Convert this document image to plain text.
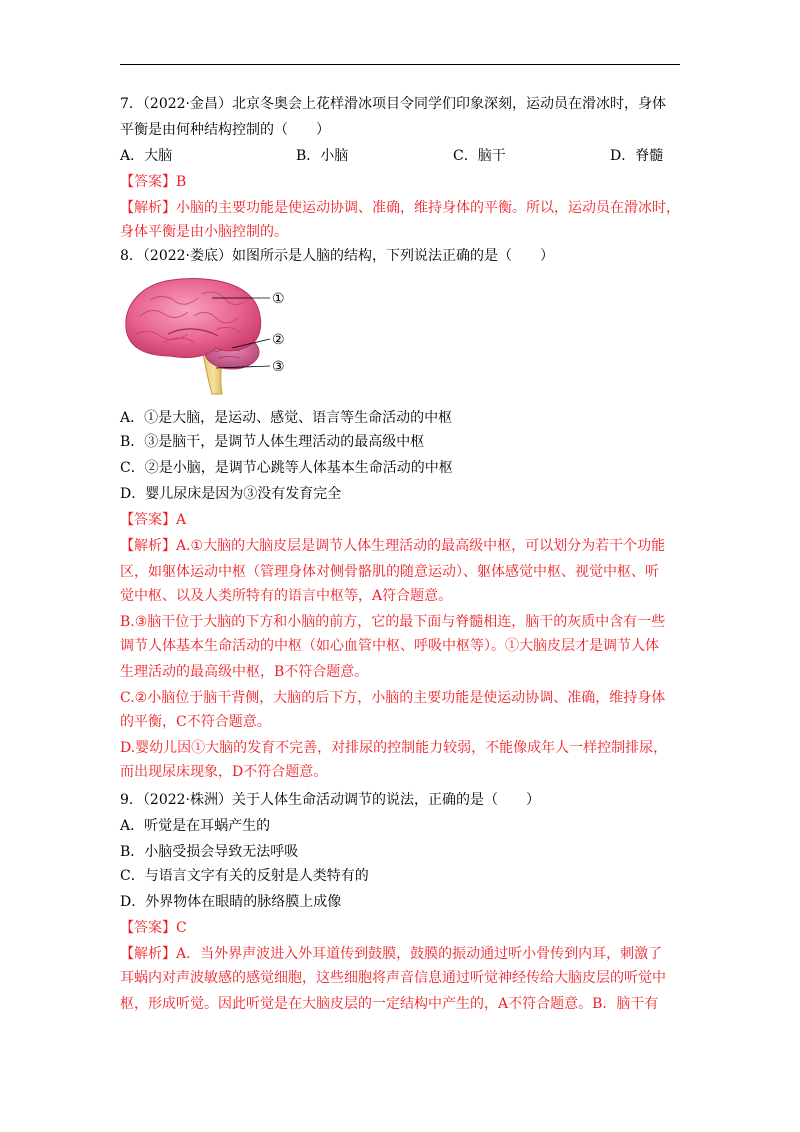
7．（2022·金昌）北京冬奥会上花样滑冰项目令同学们印象深刻，运动员在滑冰时，身体
平衡是由何种结构控制的（　　）
A．大脑	B．小脑	C．脑干	D．脊髓
【答案】B
【解析】小脑的主要功能是使运动协调、准确，维持身体的平衡。所以，运动员在滑冰时，
身体平衡是由小脑控制的。
8．（2022·娄底）如图所示是人脑的结构，下列说法正确的是（　　）
①
②
③
A．①是大脑，是运动、感觉、语言等生命活动的中枢
B．③是脑干，是调节人体生理活动的最高级中枢
C．②是小脑，是调节心跳等人体基本生命活动的中枢
D．婴儿尿床是因为③没有发育完全
【答案】A
【解析】A.①大脑的大脑皮层是调节人体生理活动的最高级中枢，可以划分为若干个功能
区，如躯体运动中枢（管理身体对侧骨骼肌的随意运动）、躯体感觉中枢、视觉中枢、听
觉中枢、以及人类所特有的语言中枢等，A符合题意。
B.③脑干位于大脑的下方和小脑的前方，它的最下面与脊髓相连，脑干的灰质中含有一些
调节人体基本生命活动的中枢（如心血管中枢、呼吸中枢等）。①大脑皮层才是调节人体
生理活动的最高级中枢，B不符合题意。
C.②小脑位于脑干背侧，大脑的后下方，小脑的主要功能是使运动协调、准确，维持身体
的平衡，C不符合题意。
D.婴幼儿因①大脑的发育不完善，对排尿的控制能力较弱，不能像成年人一样控制排尿，
而出现尿床现象，D不符合题意。
9．（2022·株洲）关于人体生命活动调节的说法，正确的是（　　）
A．听觉是在耳蜗产生的
B．小脑受损会导致无法呼吸
C．与语言文字有关的反射是人类特有的
D．外界物体在眼睛的脉络膜上成像
【答案】C
【解析】A．当外界声波进入外耳道传到鼓膜，鼓膜的振动通过听小骨传到内耳，刺激了
耳蜗内对声波敏感的感觉细胞，这些细胞将声音信息通过听觉神经传给大脑皮层的听觉中
枢，形成听觉。因此听觉是在大脑皮层的一定结构中产生的，A不符合题意。B．脑干有
